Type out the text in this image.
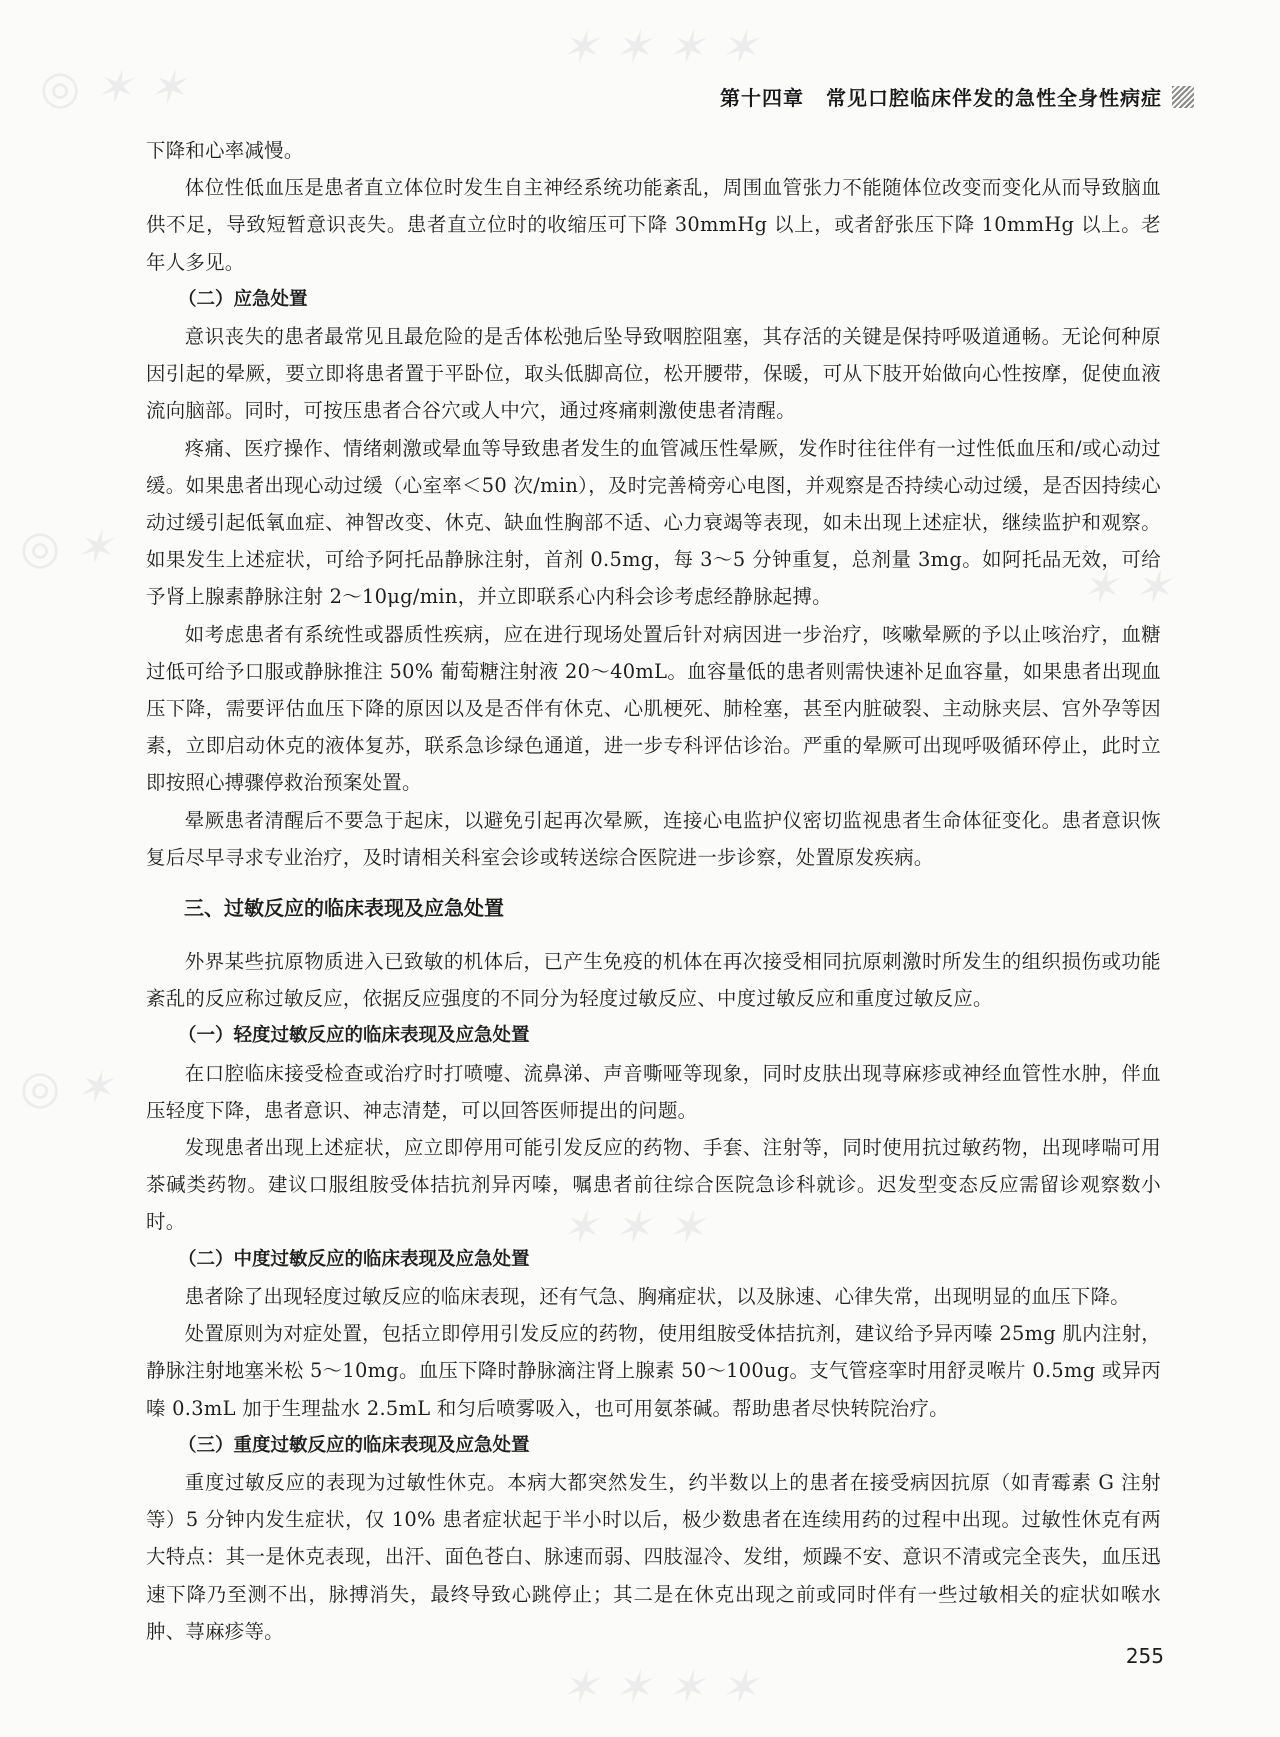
◎ ✶ ✶
✶ ✶ ✶ ✶
◎ ✶
✶ ✶
◎ ✶
✶ ✶ ✶
✶ ✶ ✶ ✶
第十四章 常见口腔临床伴发的急性全身性病症

下降和心率减慢。

体位性低血压是患者直立体位时发生自主神经系统功能紊乱，周围血管张力不能随体位改变而变化从而导致脑血供不足，导致短暂意识丧失。患者直立位时的收缩压可下降 30mmHg 以上，或者舒张压下降 10mmHg 以上。老年人多见。

（二）应急处置

意识丧失的患者最常见且最危险的是舌体松弛后坠导致咽腔阻塞，其存活的关键是保持呼吸道通畅。无论何种原因引起的晕厥，要立即将患者置于平卧位，取头低脚高位，松开腰带，保暖，可从下肢开始做向心性按摩，促使血液流向脑部。同时，可按压患者合谷穴或人中穴，通过疼痛刺激使患者清醒。

疼痛、医疗操作、情绪刺激或晕血等导致患者发生的血管减压性晕厥，发作时往往伴有一过性低血压和/或心动过缓。如果患者出现心动过缓（心室率＜50 次/min），及时完善椅旁心电图，并观察是否持续心动过缓，是否因持续心动过缓引起低氧血症、神智改变、休克、缺血性胸部不适、心力衰竭等表现，如未出现上述症状，继续监护和观察。如果发生上述症状，可给予阿托品静脉注射，首剂 0.5mg，每 3～5 分钟重复，总剂量 3mg。如阿托品无效，可给予肾上腺素静脉注射 2～10μg/min，并立即联系心内科会诊考虑经静脉起搏。

如考虑患者有系统性或器质性疾病，应在进行现场处置后针对病因进一步治疗，咳嗽晕厥的予以止咳治疗，血糖过低可给予口服或静脉推注 50% 葡萄糖注射液 20～40mL。血容量低的患者则需快速补足血容量，如果患者出现血压下降，需要评估血压下降的原因以及是否伴有休克、心肌梗死、肺栓塞，甚至内脏破裂、主动脉夹层、宫外孕等因素，立即启动休克的液体复苏，联系急诊绿色通道，进一步专科评估诊治。严重的晕厥可出现呼吸循环停止，此时立即按照心搏骤停救治预案处置。

晕厥患者清醒后不要急于起床，以避免引起再次晕厥，连接心电监护仪密切监视患者生命体征变化。患者意识恢复后尽早寻求专业治疗，及时请相关科室会诊或转送综合医院进一步诊察，处置原发疾病。

三、过敏反应的临床表现及应急处置

外界某些抗原物质进入已致敏的机体后，已产生免疫的机体在再次接受相同抗原刺激时所发生的组织损伤或功能紊乱的反应称过敏反应，依据反应强度的不同分为轻度过敏反应、中度过敏反应和重度过敏反应。

（一）轻度过敏反应的临床表现及应急处置

在口腔临床接受检查或治疗时打喷嚏、流鼻涕、声音嘶哑等现象，同时皮肤出现荨麻疹或神经血管性水肿，伴血压轻度下降，患者意识、神志清楚，可以回答医师提出的问题。

发现患者出现上述症状，应立即停用可能引发反应的药物、手套、注射等，同时使用抗过敏药物，出现哮喘可用茶碱类药物。建议口服组胺受体拮抗剂异丙嗪，嘱患者前往综合医院急诊科就诊。迟发型变态反应需留诊观察数小时。

（二）中度过敏反应的临床表现及应急处置

患者除了出现轻度过敏反应的临床表现，还有气急、胸痛症状，以及脉速、心律失常，出现明显的血压下降。

处置原则为对症处置，包括立即停用引发反应的药物，使用组胺受体拮抗剂，建议给予异丙嗪 25mg 肌内注射，静脉注射地塞米松 5～10mg。血压下降时静脉滴注肾上腺素 50～100ug。支气管痉挛时用舒灵喉片 0.5mg 或异丙嗪 0.3mL 加于生理盐水 2.5mL 和匀后喷雾吸入，也可用氨茶碱。帮助患者尽快转院治疗。

（三）重度过敏反应的临床表现及应急处置

重度过敏反应的表现为过敏性休克。本病大都突然发生，约半数以上的患者在接受病因抗原（如青霉素 G 注射等）5 分钟内发生症状，仅 10% 患者症状起于半小时以后，极少数患者在连续用药的过程中出现。过敏性休克有两大特点：其一是休克表现，出汗、面色苍白、脉速而弱、四肢湿冷、发绀，烦躁不安、意识不清或完全丧失，血压迅速下降乃至测不出，脉搏消失，最终导致心跳停止；其二是在休克出现之前或同时伴有一些过敏相关的症状如喉水肿、荨麻疹等。

255
